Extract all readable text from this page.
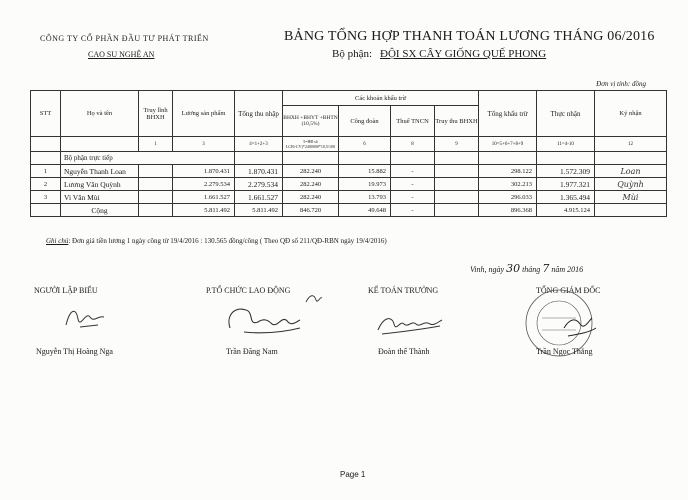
CÔNG TY CỔ PHẦN ĐẦU TƯ PHÁT TRIỂN
CAO SU NGHỆ AN
BẢNG TỔNG HỢP THANH TOÁN LƯƠNG THÁNG 06/2016
Bộ phận: ĐỘI SX CÂY GIỐNG QUẾ PHONG
Đơn vị tính: đồng
STT	Họ và tên	Truy lĩnh BHXH	Lương sản phẩm	Tổng thu nhập	Các khoản khấu trừ				Tổng khấu trừ	Thực nhận	Ký nhận
					BHXH +BHYT +BHTN (10,5%)	Công đoàn	Thuế TNCN	Truy thu BHXH			
		1	3	4=1+2+3	5=HĐ số LCB+CV)*2400000*10,5/100	6	8	9	10=5+6+7+8+9	11=4-10	12
	Bộ phận trực tiếp										
1	Nguyễn Thanh Loan		1.870.431	1.870.431	282.240	15.882	-		298.122	1.572.309	Loan
2	Lương Văn Quỳnh		2.279.534	2.279.534	282.240	19.973	-		302.213	1.977.321	Quỳnh
3	Vi Văn Mùi		1.661.527	1.661.527	282.240	13.793	-		296.033	1.365.494	Mùi
	Cộng		5.811.492	5.811.492	846.720	49.648	-		896.368	4.915.124	
Ghi chú: Đơn giá tiền lương 1 ngày công từ 19/4/2016 : 130.565 đồng/công ( Theo QĐ số 211/QĐ-RBN ngày 19/4/2016)
Vinh, ngày 30 tháng 7 năm 2016
NGƯỜI LẬP BIỂU	P.TỔ CHỨC LAO ĐỘNG	KẾ TOÁN TRƯỞNG	TỔNG GIÁM ĐỐC
Nguyễn Thị Hoàng Nga	Trần Đăng Nam	Đoàn thế Thành	Trần Ngọc Thắng
Page 1
